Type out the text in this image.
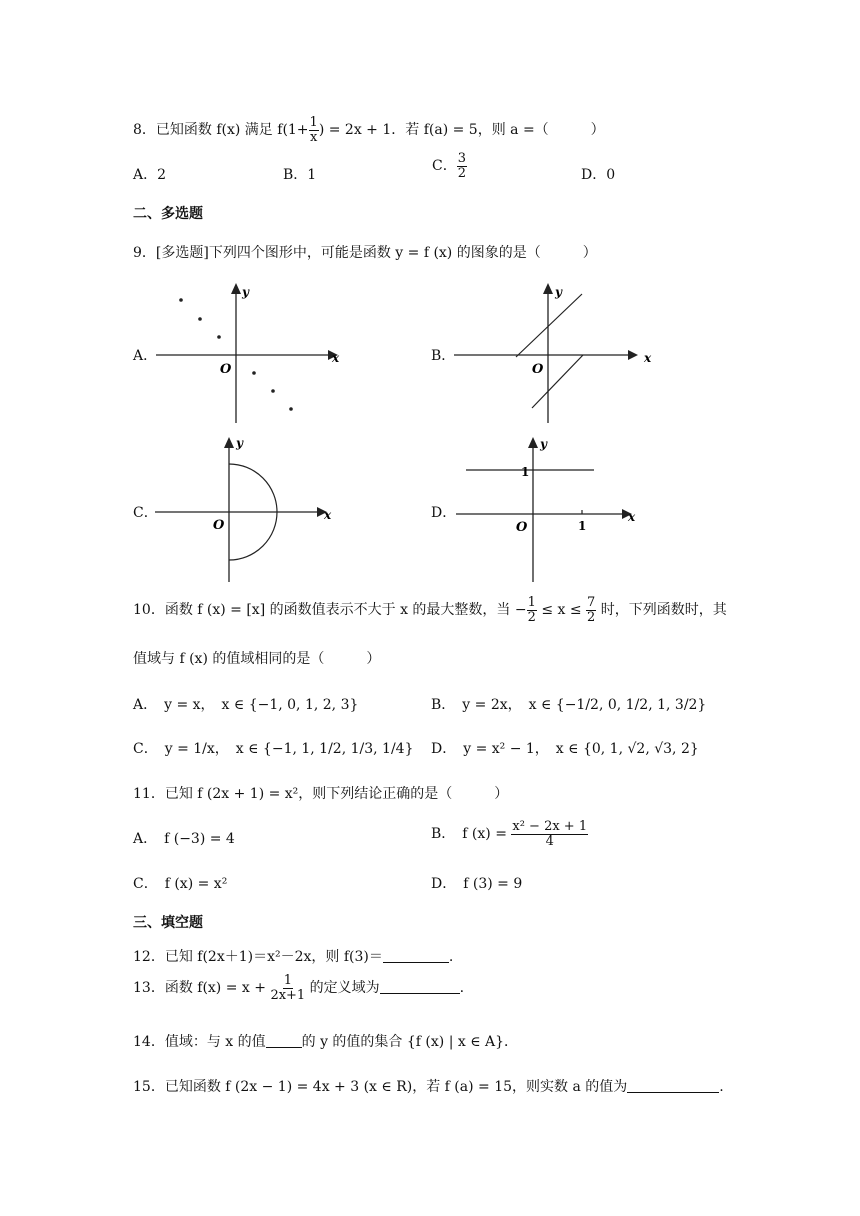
8．已知函数 f(x) 满足 $f(1+ \frac{1}{x}$ ) = 2x + 1．若 f(a) = 5，则 a =（　　　）
A．2	B．1
C． $\frac{3}{2}$	D．0
二、多选题
9．[多选题]下列四个图形中，可能是函数 y = f (x) 的图象的是（　　　）
A．
y
x
O
B．
y
x
O
C．
y
x
O
D．
y
x
O
1
1
10．函数 f (x) = [x] 的函数值表示不大于 x 的最大整数，当 − $\frac{1}{2} \le x \le \frac{7}{2}$ 时，下列函数时，其
值域与 f (x) 的值域相同的是（　　　）
A．　y = x，　x ∈ {−1, 0, 1, 2, 3}	B．　y = 2x，　x ∈ {−1/2, 0, 1/2, 1, 3/2}
C．　y = 1/x，　x ∈ {−1, 1, 1/2, 1/3, 1/4} D．　y = x² − 1，　x ∈ {0, 1, √2, √3, 2}
11．已知 f (2x + 1) = x²，则下列结论正确的是（　　　）
A．　f (−3) = 4	B．　f $(x) = \frac{\text{x² − 2x + 1}}{4}$
C．　f (x) = x²	D．　f (3) = 9
三、填空题
12．已知 f(2x＋1)＝x²－2x，则 f(3)＝	.
13．函数 $f(x) = x + \frac{1}{2x+1}$ 的定义域为	.
14．值域：与 x 的值	的 y 的值的集合 {f (x) | x ∈ A}．
15．已知函数 f (2x − 1) = 4x + 3 (x ∈ R)，若 f (a) = 15，则实数 a 的值为	.
